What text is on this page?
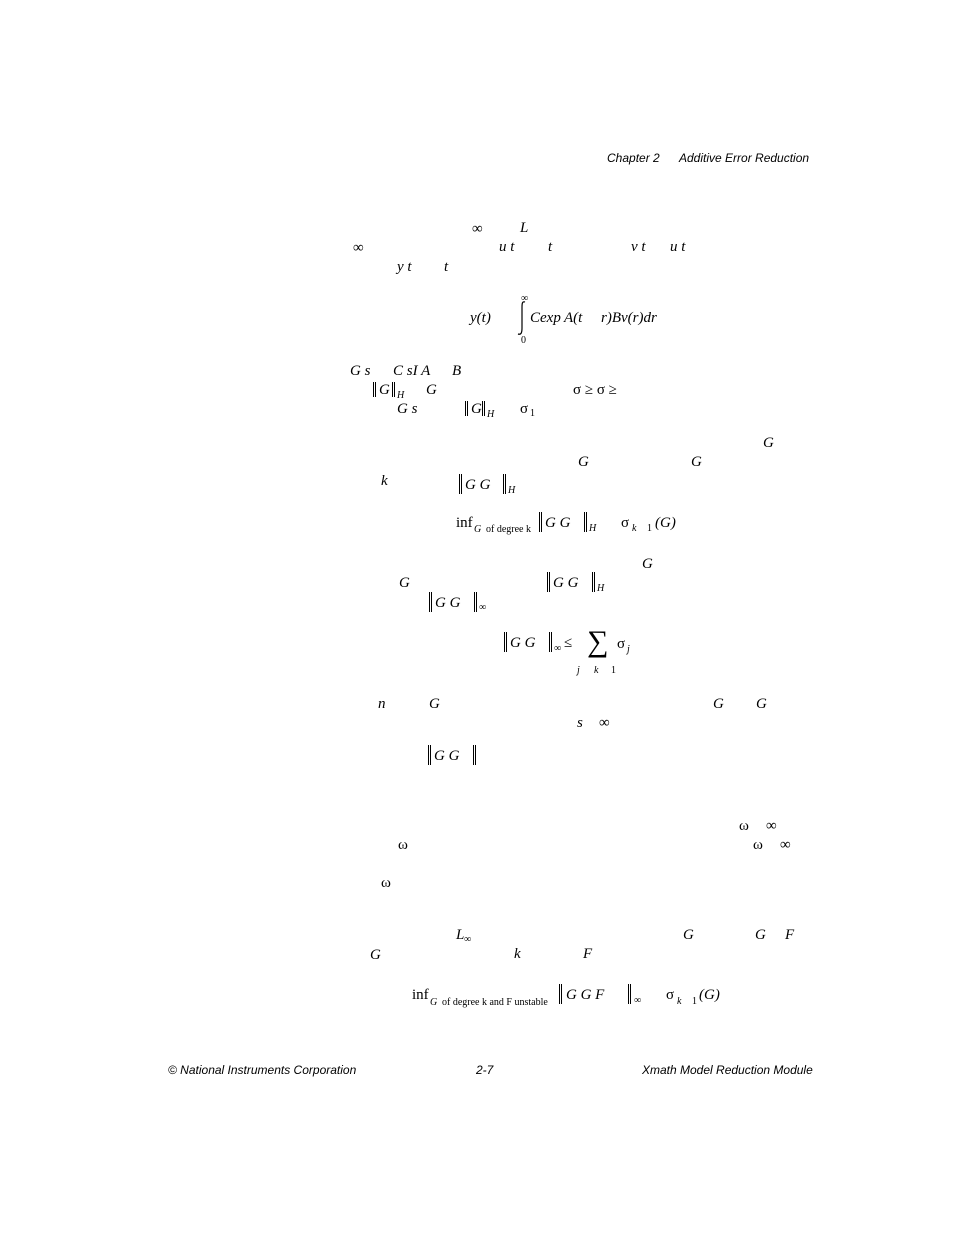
Chapter 2 Additive Error Reduction
∞ L
∞	u t t	v t u t
y t t
y(t)
∞
Cexp A(t r)Bv(r)dr
0
G s C sI A B
G H G	σ ≥ σ ≥
G s	G H σ 1
G
G	G
k	G G H
inf G of degree k G G H σ k 1 (G)
G
G	G G H
G G ∞
G G ∞ ≤ ∑ σ j
j k 1
n	G	G G
s ∞
G G
ω ∞
ω	ω ∞
ω
L ∞	G	G F
G	k	F
inf G of degree k and F unstable G G F	∞ σ k 1 (G)
© National Instruments Corporation	2-7	Xmath Model Reduction Module
